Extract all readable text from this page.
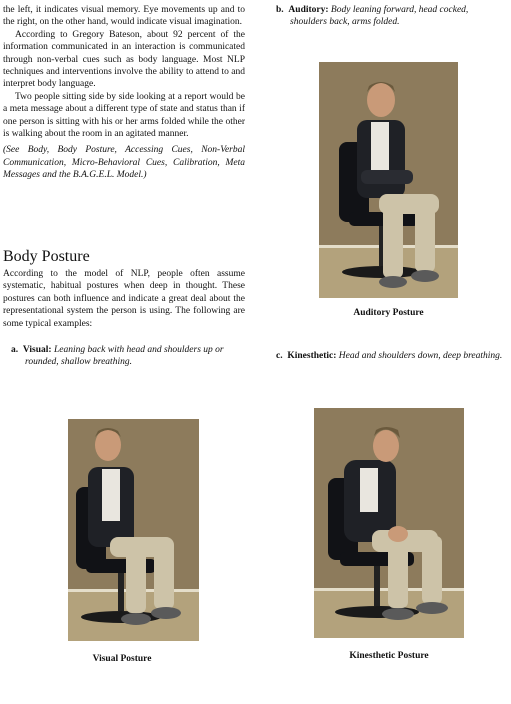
the left, it indicates visual memory. Eye movements up and to the right, on the other hand, would indicate visual imagination.

According to Gregory Bateson, about 92 percent of the information communicated in an interaction is communicated through non-verbal cues such as body language. Most NLP techniques and interventions involve the ability to attend to and interpret body language.

Two people sitting side by side looking at a report would be a meta message about a different type of state and status than if one person is sitting with his or her arms folded while the other is walking about the room in an agitated manner.

(See Body, Body Posture, Accessing Cues, Non-Verbal Communication, Micro-Behavioral Cues, Calibration, Meta Messages and the B.A.G.E.L. Model.)

Body Posture

According to the model of NLP, people often assume systematic, habitual postures when deep in thought. These postures can both influence and indicate a great deal about the representational system the person is using. The following are some typical examples:

a. Visual: Leaning back with head and shoulders up or rounded, shallow breathing.

b. Auditory: Body leaning forward, head cocked, shoulders back, arms folded.

Auditory Posture

c. Kinesthetic: Head and shoulders down, deep breathing.

Visual Posture	Kinesthetic Posture
